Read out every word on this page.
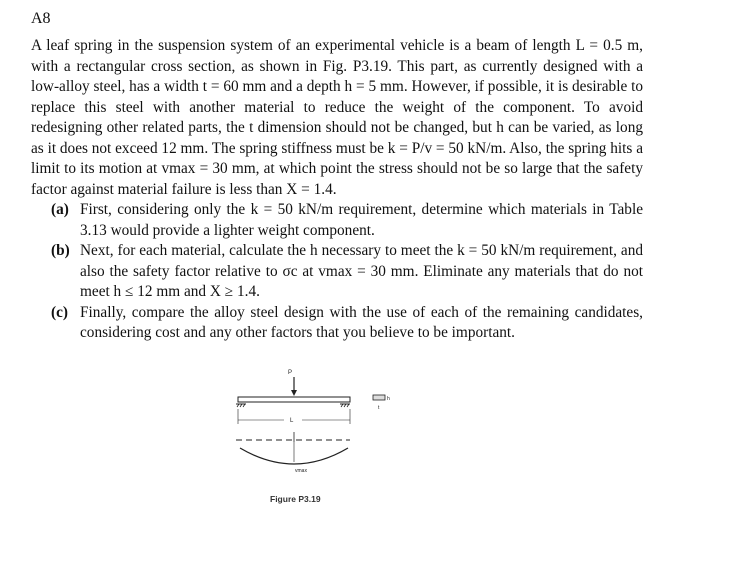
A8

A leaf spring in the suspension system of an experimental vehicle is a beam of length L = 0.5 m, with a rectangular cross section, as shown in Fig. P3.19. This part, as currently designed with a low-alloy steel, has a width t = 60 mm and a depth h = 5 mm. However, if possible, it is desirable to replace this steel with another material to reduce the weight of the component. To avoid redesigning other related parts, the t dimension should not be changed, but h can be varied, as long as it does not exceed 12 mm. The spring stiffness must be k = P/v = 50 kN/m. Also, the spring hits a limit to its motion at vmax = 30 mm, at which point the stress should not be so large that the safety factor against material failure is less than X = 1.4.

(a) First, considering only the k = 50 kN/m requirement, determine which materials in Table 3.13 would provide a lighter weight component.
(b) Next, for each material, calculate the h necessary to meet the k = 50 kN/m requirement, and also the safety factor relative to σc at vmax = 30 mm. Eliminate any materials that do not meet h ≤ 12 mm and X ≥ 1.4.
(c) Finally, compare the alloy steel design with the use of each of the remaining candidates, considering cost and any other factors that you believe to be important.
P
L
vmax
h
t
Figure P3.19
